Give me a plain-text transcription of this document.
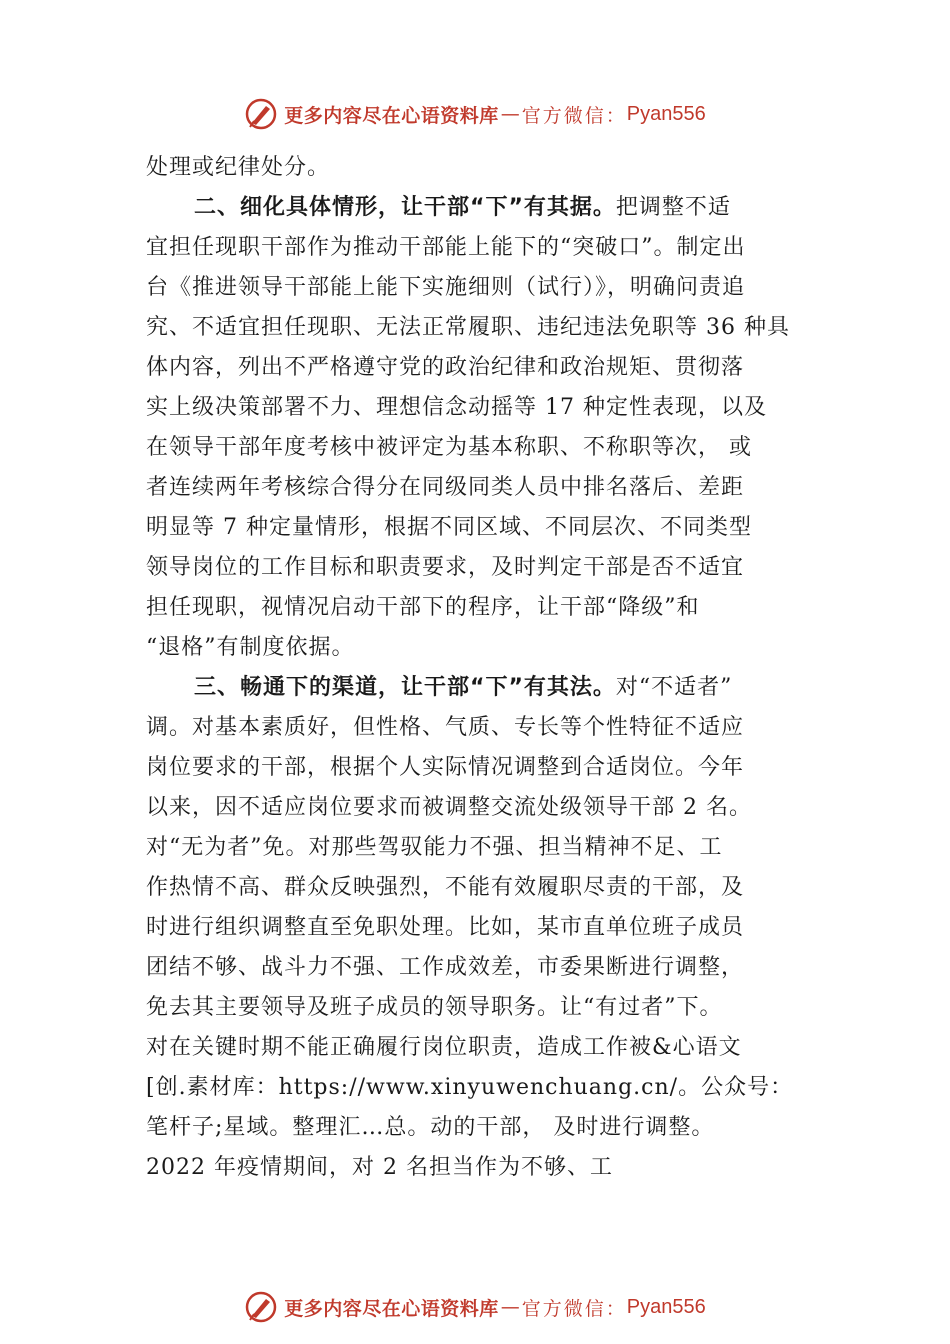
更多内容尽在心语资料库 — 官方微信： Pyan556
处理或纪律处分。
二、细化具体情形，让干部“下”有其据。把调整不适
宜担任现职干部作为推动干部能上能下的“突破口”。制定出
台《推进领导干部能上能下实施细则（试行）》，明确问责追
究、不适宜担任现职、无法正常履职、违纪违法免职等 36 种具
体内容，列出不严格遵守党的政治纪律和政治规矩、贯彻落
实上级决策部署不力、理想信念动摇等 17 种定性表现，以及
在领导干部年度考核中被评定为基本称职、不称职等次， 或
者连续两年考核综合得分在同级同类人员中排名落后、差距
明显等 7 种定量情形，根据不同区域、不同层次、不同类型
领导岗位的工作目标和职责要求，及时判定干部是否不适宜
担任现职，视情况启动干部下的程序，让干部“降级”和
“退格”有制度依据。
三、畅通下的渠道，让干部“下”有其法。对“不适者”
调。对基本素质好，但性格、气质、专长等个性特征不适应
岗位要求的干部，根据个人实际情况调整到合适岗位。今年
以来，因不适应岗位要求而被调整交流处级领导干部 2 名。
对“无为者”免。对那些驾驭能力不强、担当精神不足、工
作热情不高、群众反映强烈，不能有效履职尽责的干部，及
时进行组织调整直至免职处理。比如，某市直单位班子成员
团结不够、战斗力不强、工作成效差，市委果断进行调整，
免去其主要领导及班子成员的领导职务。让“有过者”下。
对在关键时期不能正确履行岗位职责，造成工作被&心语文
[创.素材库：https://www.xinyuwenchuang.cn/。公众号：
笔杆子;星域。整理汇…总。动的干部， 及时进行调整。
2022 年疫情期间，对 2 名担当作为不够、工
更多内容尽在心语资料库 — 官方微信： Pyan556
